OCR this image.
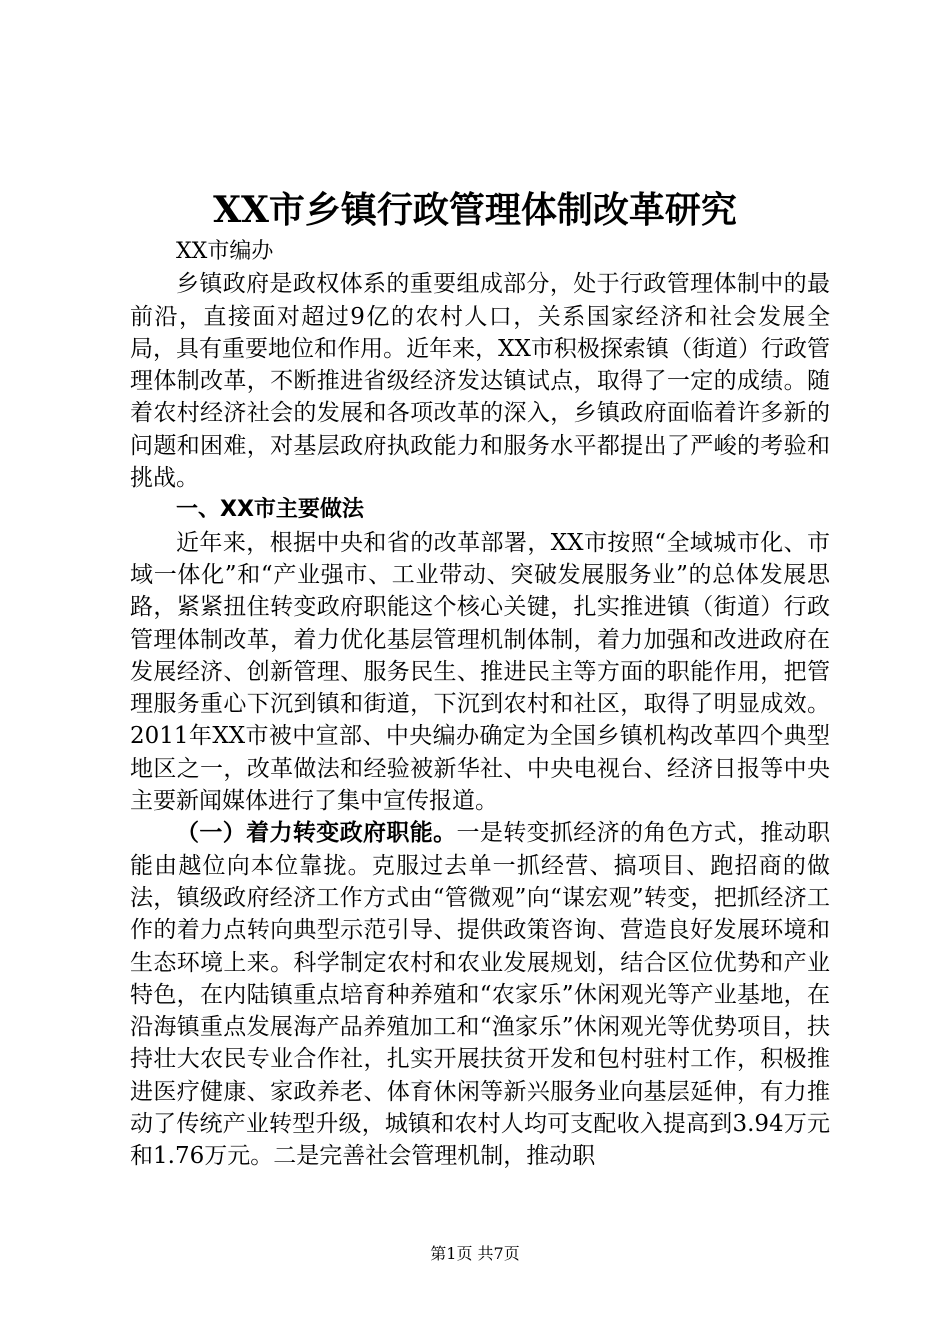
XX市乡镇行政管理体制改革研究

XX市编办

乡镇政府是政权体系的重要组成部分，处于行政管理体制中的最前沿，直接面对超过9亿的农村人口，关系国家经济和社会发展全局，具有重要地位和作用。近年来，XX市积极探索镇（街道）行政管理体制改革，不断推进省级经济发达镇试点，取得了一定的成绩。随着农村经济社会的发展和各项改革的深入，乡镇政府面临着许多新的问题和困难，对基层政府执政能力和服务水平都提出了严峻的考验和挑战。

一、XX市主要做法

近年来，根据中央和省的改革部署，XX市按照“全域城市化、市域一体化”和“产业强市、工业带动、突破发展服务业”的总体发展思路，紧紧扭住转变政府职能这个核心关键，扎实推进镇（街道）行政管理体制改革，着力优化基层管理机制体制，着力加强和改进政府在发展经济、创新管理、服务民生、推进民主等方面的职能作用，把管理服务重心下沉到镇和街道，下沉到农村和社区，取得了明显成效。2011年XX市被中宣部、中央编办确定为全国乡镇机构改革四个典型地区之一，改革做法和经验被新华社、中央电视台、经济日报等中央主要新闻媒体进行了集中宣传报道。

（一）着力转变政府职能。一是转变抓经济的角色方式，推动职能由越位向本位靠拢。克服过去单一抓经营、搞项目、跑招商的做法，镇级政府经济工作方式由“管微观”向“谋宏观”转变，把抓经济工作的着力点转向典型示范引导、提供政策咨询、营造良好发展环境和生态环境上来。科学制定农村和农业发展规划，结合区位优势和产业特色，在内陆镇重点培育种养殖和“农家乐”休闲观光等产业基地，在沿海镇重点发展海产品养殖加工和“渔家乐”休闲观光等优势项目，扶持壮大农民专业合作社，扎实开展扶贫开发和包村驻村工作，积极推进医疗健康、家政养老、体育休闲等新兴服务业向基层延伸，有力推动了传统产业转型升级，城镇和农村人均可支配收入提高到3.94万元和1.76万元。二是完善社会管理机制，推动职

第1页 共7页
